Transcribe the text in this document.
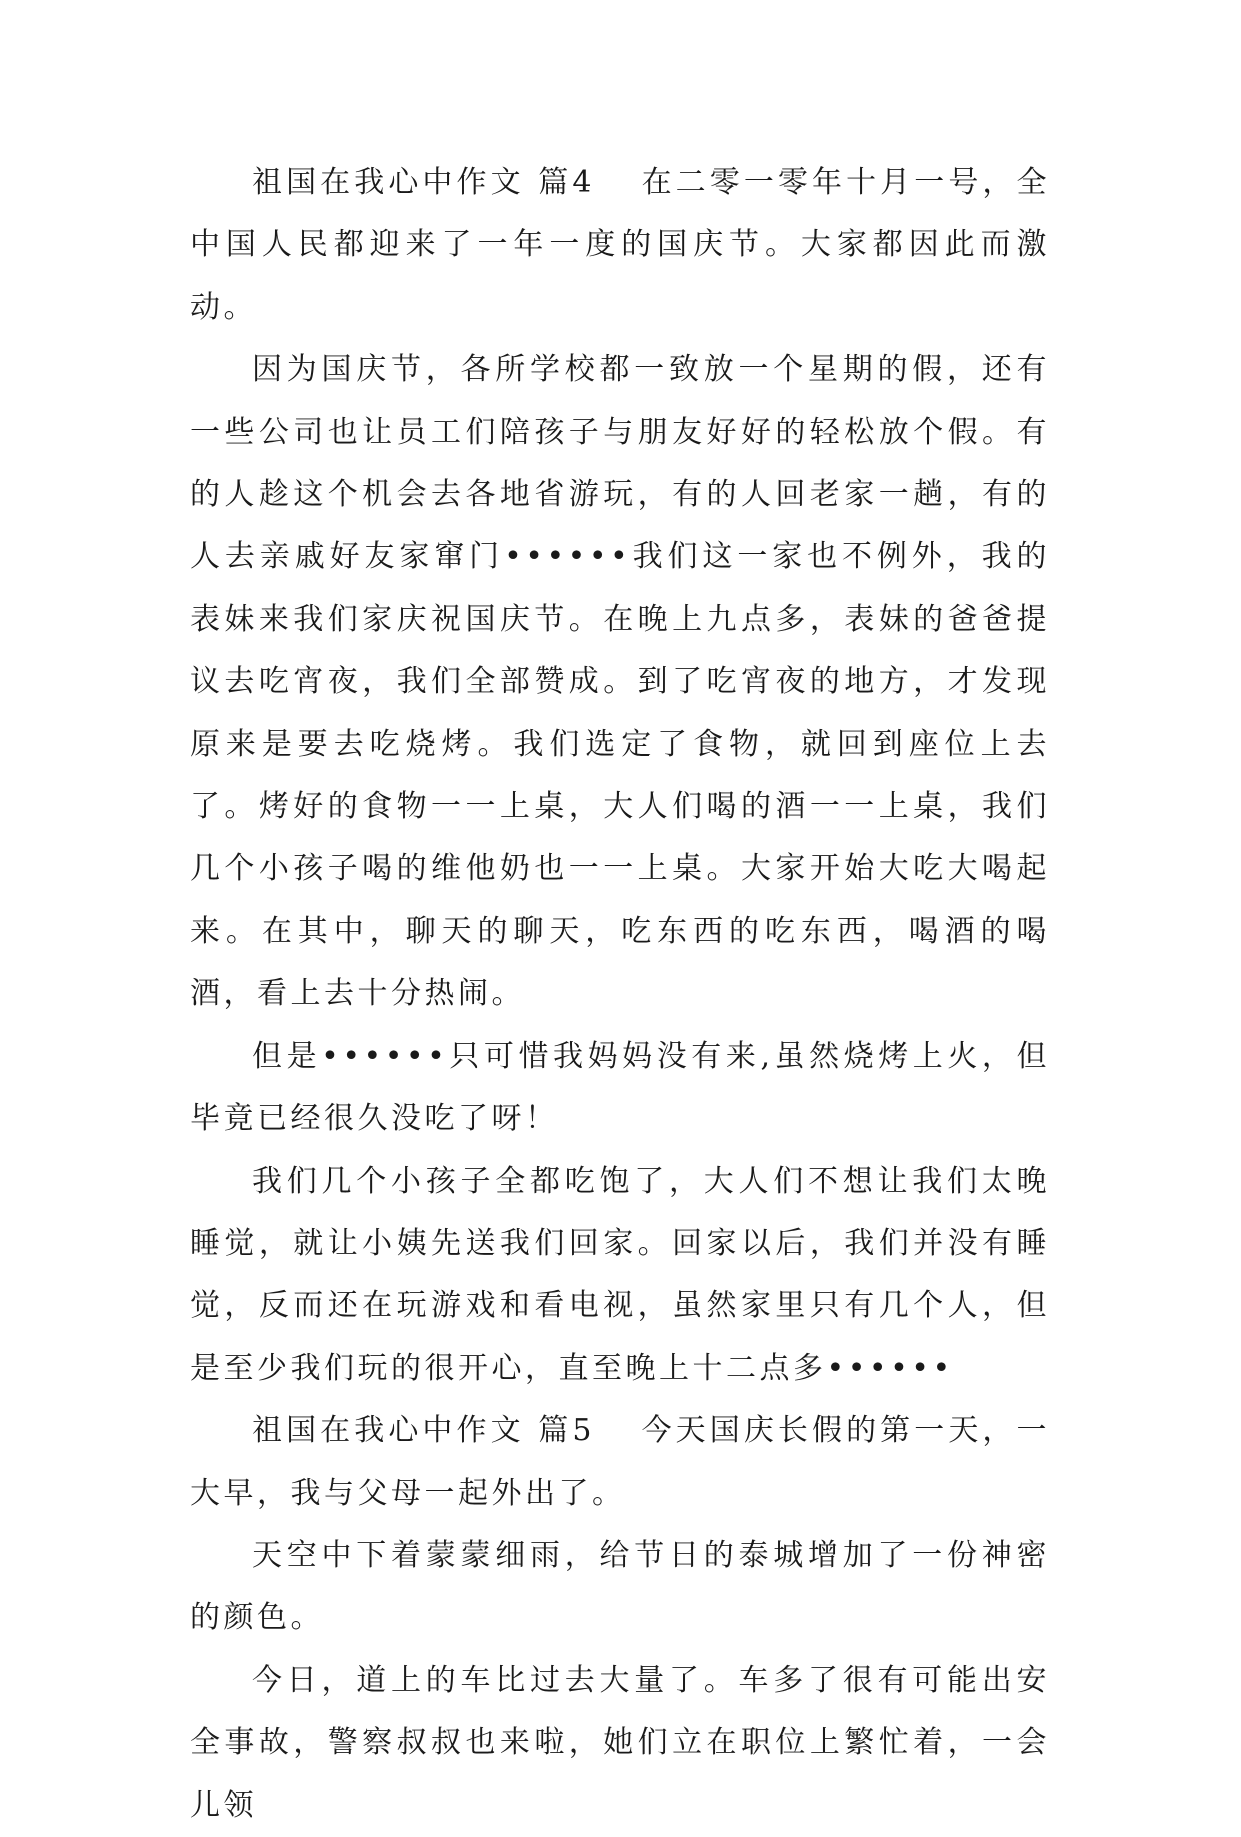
祖国在我心中作文 篇4 在二零一零年十月一号，全中国人民都迎来了一年一度的国庆节。大家都因此而激动。

因为国庆节，各所学校都一致放一个星期的假，还有一些公司也让员工们陪孩子与朋友好好的轻松放个假。有的人趁这个机会去各地省游玩，有的人回老家一趟，有的人去亲戚好友家窜门••••••我们这一家也不例外，我的表妹来我们家庆祝国庆节。在晚上九点多，表妹的爸爸提议去吃宵夜，我们全部赞成。到了吃宵夜的地方，才发现原来是要去吃烧烤。我们选定了食物，就回到座位上去了。烤好的食物一一上桌，大人们喝的酒一一上桌，我们几个小孩子喝的维他奶也一一上桌。大家开始大吃大喝起来。在其中，聊天的聊天，吃东西的吃东西，喝酒的喝酒，看上去十分热闹。

但是••••••只可惜我妈妈没有来,虽然烧烤上火，但毕竟已经很久没吃了呀！

我们几个小孩子全都吃饱了，大人们不想让我们太晚睡觉，就让小姨先送我们回家。回家以后，我们并没有睡觉，反而还在玩游戏和看电视，虽然家里只有几个人，但是至少我们玩的很开心，直至晚上十二点多••••••

祖国在我心中作文 篇5 今天国庆长假的第一天，一大早，我与父母一起外出了。

天空中下着蒙蒙细雨，给节日的泰城增加了一份神密的颜色。

今日，道上的车比过去大量了。车多了很有可能出安全事故，警察叔叔也来啦，她们立在职位上繁忙着，一会儿领
